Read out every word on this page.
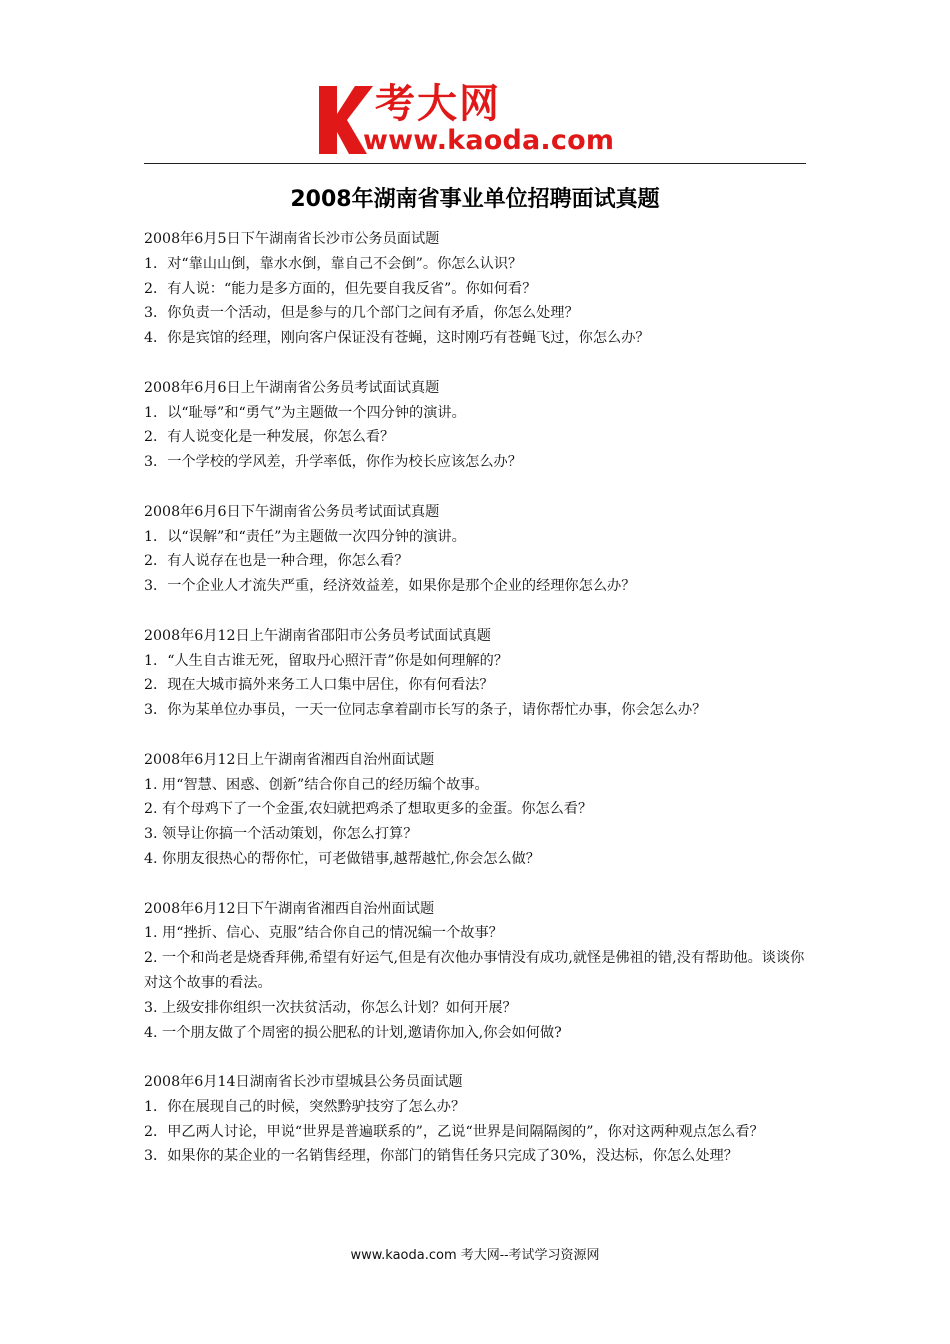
考大网
www.kaoda.com
2008年湖南省事业单位招聘面试真题
2008年6月5日下午湖南省长沙市公务员面试题
1．对“靠山山倒，靠水水倒，靠自己不会倒”。你怎么认识？
2．有人说：“能力是多方面的，但先要自我反省”。你如何看？
3．你负责一个活动，但是参与的几个部门之间有矛盾，你怎么处理？
4．你是宾馆的经理，刚向客户保证没有苍蝇，这时刚巧有苍蝇飞过，你怎么办？
2008年6月6日上午湖南省公务员考试面试真题
1．以“耻辱”和“勇气”为主题做一个四分钟的演讲。
2．有人说变化是一种发展，你怎么看？
3．一个学校的学风差，升学率低，你作为校长应该怎么办？
2008年6月6日下午湖南省公务员考试面试真题
1．以“误解”和“责任”为主题做一次四分钟的演讲。
2．有人说存在也是一种合理，你怎么看？
3．一个企业人才流失严重，经济效益差，如果你是那个企业的经理你怎么办？
2008年6月12日上午湖南省邵阳市公务员考试面试真题
1．“人生自古谁无死，留取丹心照汗青”你是如何理解的？
2．现在大城市搞外来务工人口集中居住，你有何看法？
3．你为某单位办事员，一天一位同志拿着副市长写的条子，请你帮忙办事，你会怎么办？
2008年6月12日上午湖南省湘西自治州面试题
1. 用“智慧、困惑、创新”结合你自己的经历编个故事。
2. 有个母鸡下了一个金蛋,农妇就把鸡杀了想取更多的金蛋。你怎么看？
3. 领导让你搞一个活动策划，你怎么打算？
4. 你朋友很热心的帮你忙，可老做错事,越帮越忙,你会怎么做？
2008年6月12日下午湖南省湘西自治州面试题
1. 用“挫折、信心、克服”结合你自己的情况编一个故事？
2. 一个和尚老是烧香拜佛,希望有好运气,但是有次他办事情没有成功,就怪是佛祖的错,没有帮助他。谈谈你对这个故事的看法。
3. 上级安排你组织一次扶贫活动，你怎么计划？如何开展？
4. 一个朋友做了个周密的损公肥私的计划,邀请你加入,你会如何做?
2008年6月14日湖南省长沙市望城县公务员面试题
1．你在展现自己的时候，突然黔驴技穷了怎么办？
2．甲乙两人讨论，甲说“世界是普遍联系的”，乙说“世界是间隔隔阂的”，你对这两种观点怎么看？
3．如果你的某企业的一名销售经理，你部门的销售任务只完成了30%，没达标，你怎么处理？
www.kaoda.com 考大网--考试学习资源网
